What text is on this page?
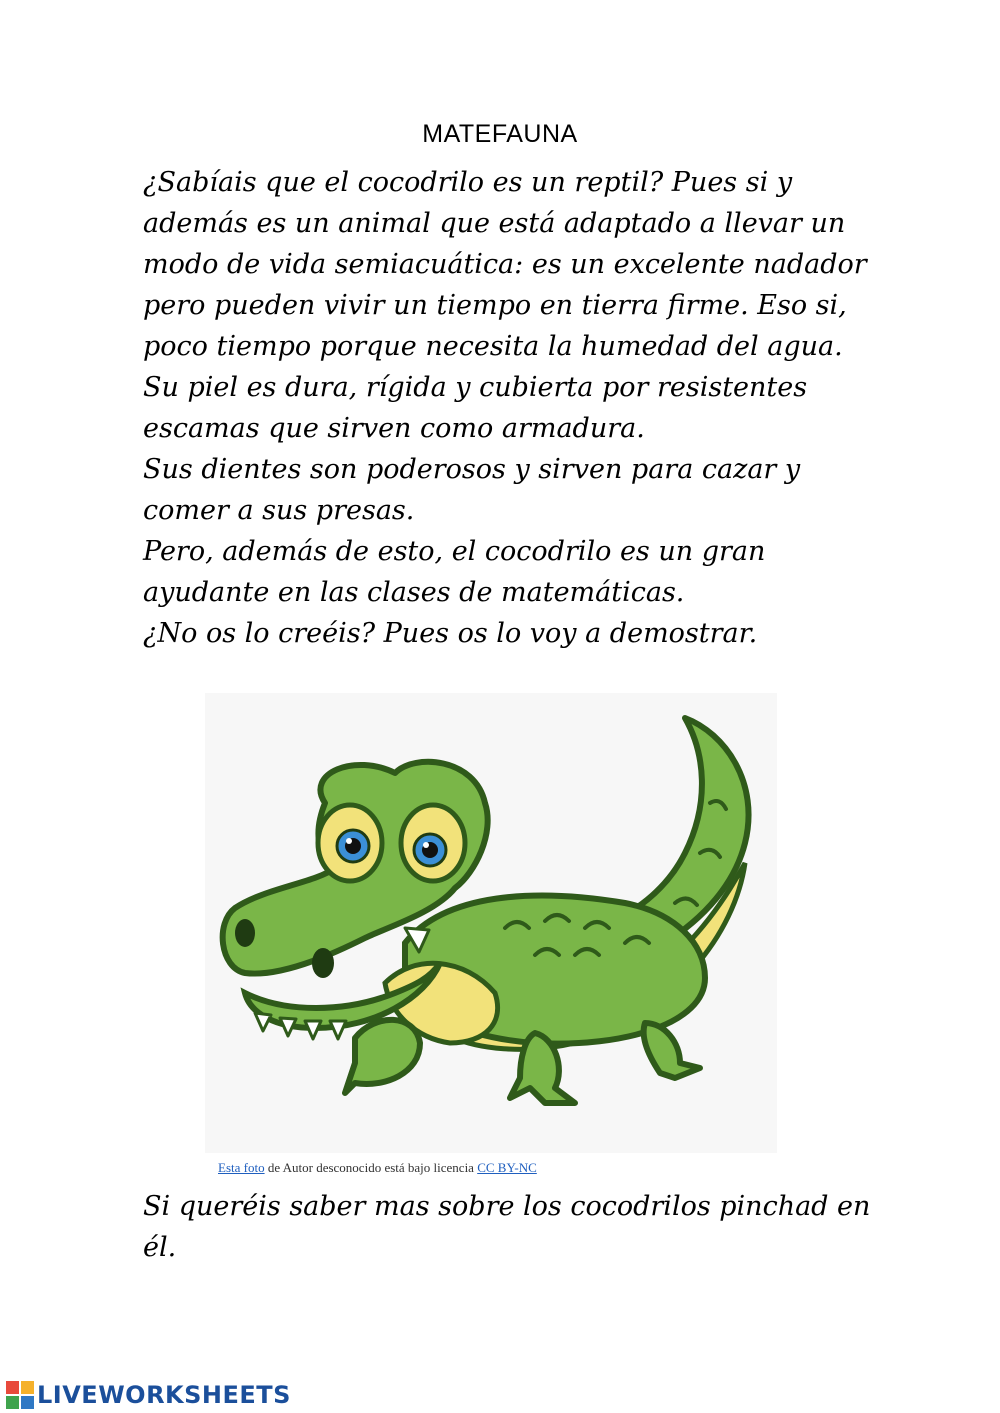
MATEFAUNA
¿Sabíais que el cocodrilo es un reptil? Pues si y
además es un animal que está adaptado a llevar un
modo de vida semiacuática: es un excelente nadador
pero pueden vivir un tiempo en tierra firme. Eso si,
poco tiempo porque necesita la humedad del agua.
Su piel es dura, rígida y cubierta por resistentes
escamas que sirven como armadura.
Sus dientes son poderosos y sirven para cazar y
comer a sus presas.
Pero, además de esto, el cocodrilo es un gran
ayudante en las clases de matemáticas.
¿No os lo creéis? Pues os lo voy a demostrar.
Esta foto de Autor desconocido está bajo licencia CC BY-NC
Si queréis saber mas sobre los cocodrilos pinchad en
él.
LIVEWORKSHEETS
